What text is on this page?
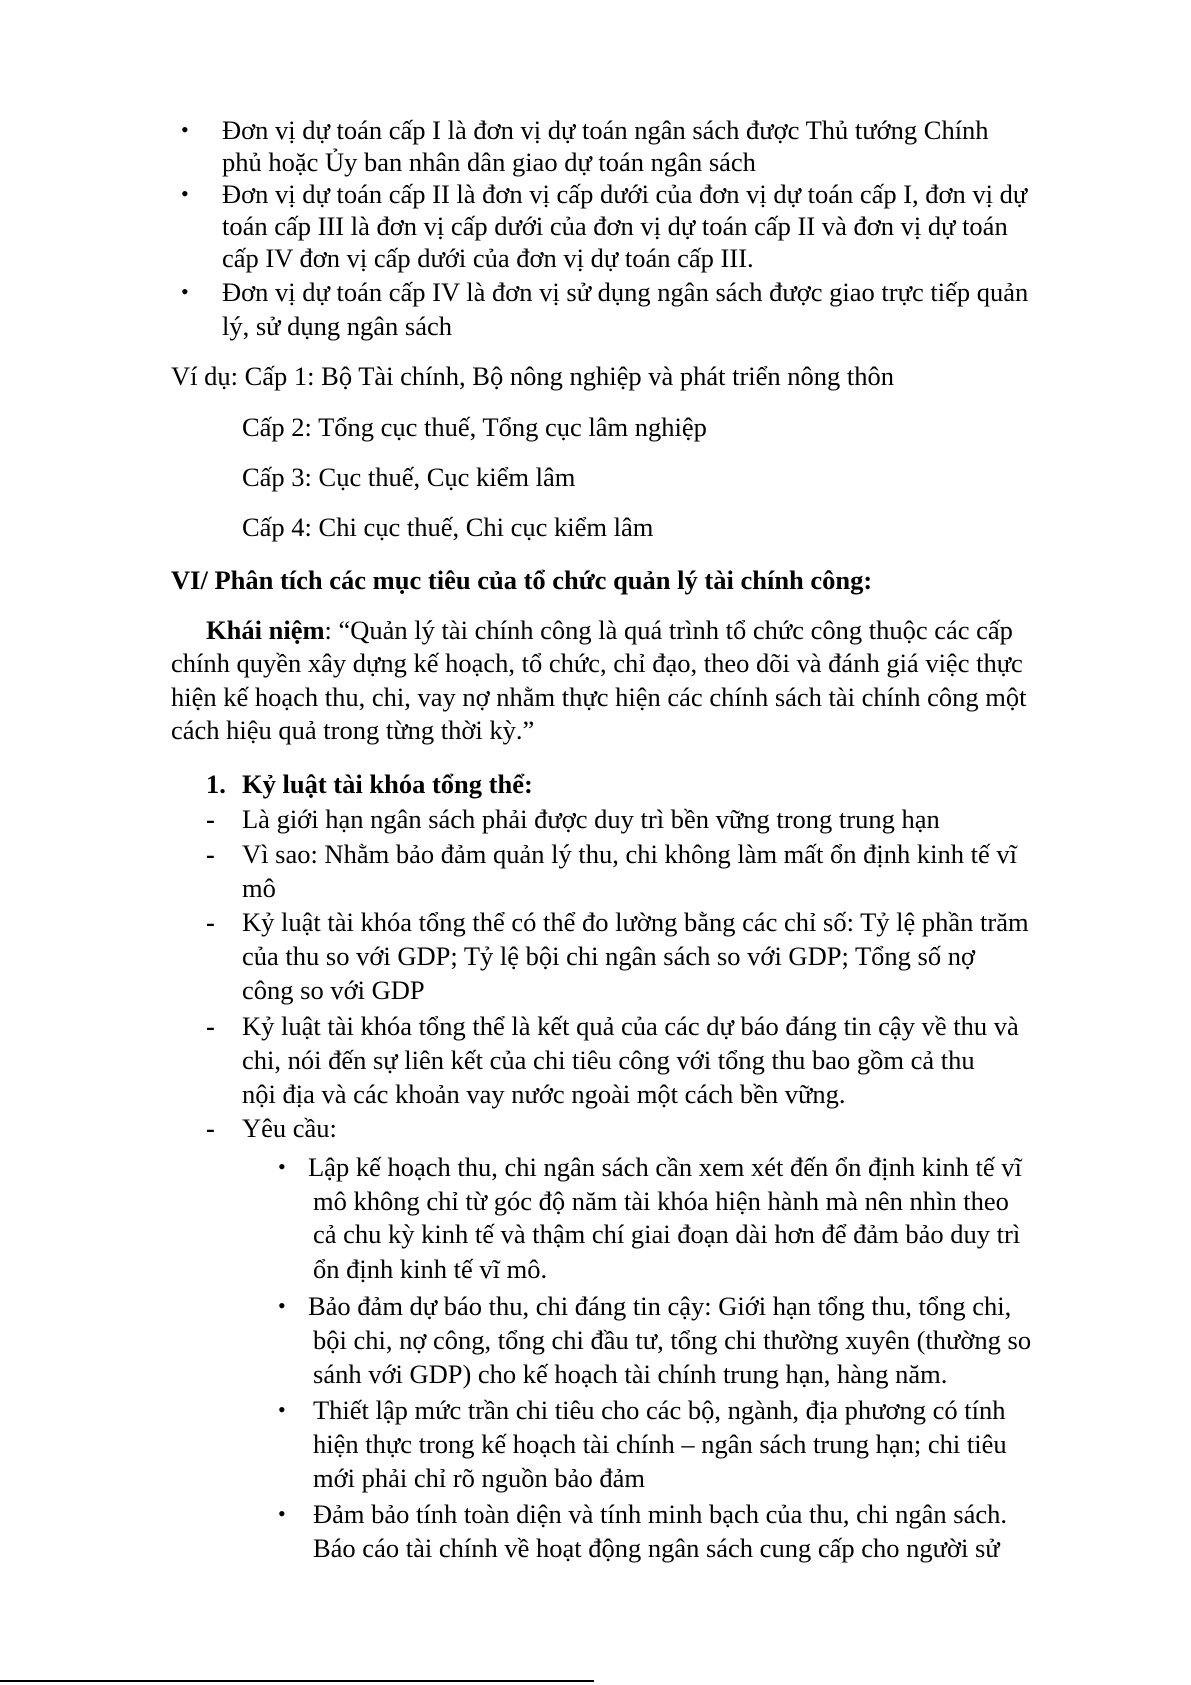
• Đơn vị dự toán cấp I là đơn vị dự toán ngân sách được Thủ tướng Chính
phủ hoặc Ủy ban nhân dân giao dự toán ngân sách
• Đơn vị dự toán cấp II là đơn vị cấp dưới của đơn vị dự toán cấp I, đơn vị dự
toán cấp III là đơn vị cấp dưới của đơn vị dự toán cấp II và đơn vị dự toán
cấp IV đơn vị cấp dưới của đơn vị dự toán cấp III.
• Đơn vị dự toán cấp IV là đơn vị sử dụng ngân sách được giao trực tiếp quản
lý, sử dụng ngân sách
Ví dụ: Cấp 1: Bộ Tài chính, Bộ nông nghiệp và phát triển nông thôn
Cấp 2: Tổng cục thuế, Tổng cục lâm nghiệp
Cấp 3: Cục thuế, Cục kiểm lâm
Cấp 4: Chi cục thuế, Chi cục kiểm lâm
VI/ Phân tích các mục tiêu của tổ chức quản lý tài chính công:
Khái niệm: “Quản lý tài chính công là quá trình tổ chức công thuộc các cấp
chính quyền xây dựng kế hoạch, tổ chức, chỉ đạo, theo dõi và đánh giá việc thực
hiện kế hoạch thu, chi, vay nợ nhằm thực hiện các chính sách tài chính công một
cách hiệu quả trong từng thời kỳ.”
1. Kỷ luật tài khóa tổng thể:
- Là giới hạn ngân sách phải được duy trì bền vững trong trung hạn
- Vì sao: Nhằm bảo đảm quản lý thu, chi không làm mất ổn định kinh tế vĩ
mô
- Kỷ luật tài khóa tổng thể có thể đo lường bằng các chỉ số: Tỷ lệ phần trăm
của thu so với GDP; Tỷ lệ bội chi ngân sách so với GDP; Tổng số nợ
công so với GDP
- Kỷ luật tài khóa tổng thể là kết quả của các dự báo đáng tin cậy về thu và
chi, nói đến sự liên kết của chi tiêu công với tổng thu bao gồm cả thu
nội địa và các khoản vay nước ngoài một cách bền vững.
- Yêu cầu:
• Lập kế hoạch thu, chi ngân sách cần xem xét đến ổn định kinh tế vĩ
mô không chỉ từ góc độ năm tài khóa hiện hành mà nên nhìn theo
cả chu kỳ kinh tế và thậm chí giai đoạn dài hơn để đảm bảo duy trì
ổn định kinh tế vĩ mô.
• Bảo đảm dự báo thu, chi đáng tin cậy: Giới hạn tổng thu, tổng chi,
bội chi, nợ công, tổng chi đầu tư, tổng chi thường xuyên (thường so
sánh với GDP) cho kế hoạch tài chính trung hạn, hàng năm.
• Thiết lập mức trần chi tiêu cho các bộ, ngành, địa phương có tính
hiện thực trong kế hoạch tài chính – ngân sách trung hạn; chi tiêu
mới phải chỉ rõ nguồn bảo đảm
• Đảm bảo tính toàn diện và tính minh bạch của thu, chi ngân sách.
Báo cáo tài chính về hoạt động ngân sách cung cấp cho người sử
